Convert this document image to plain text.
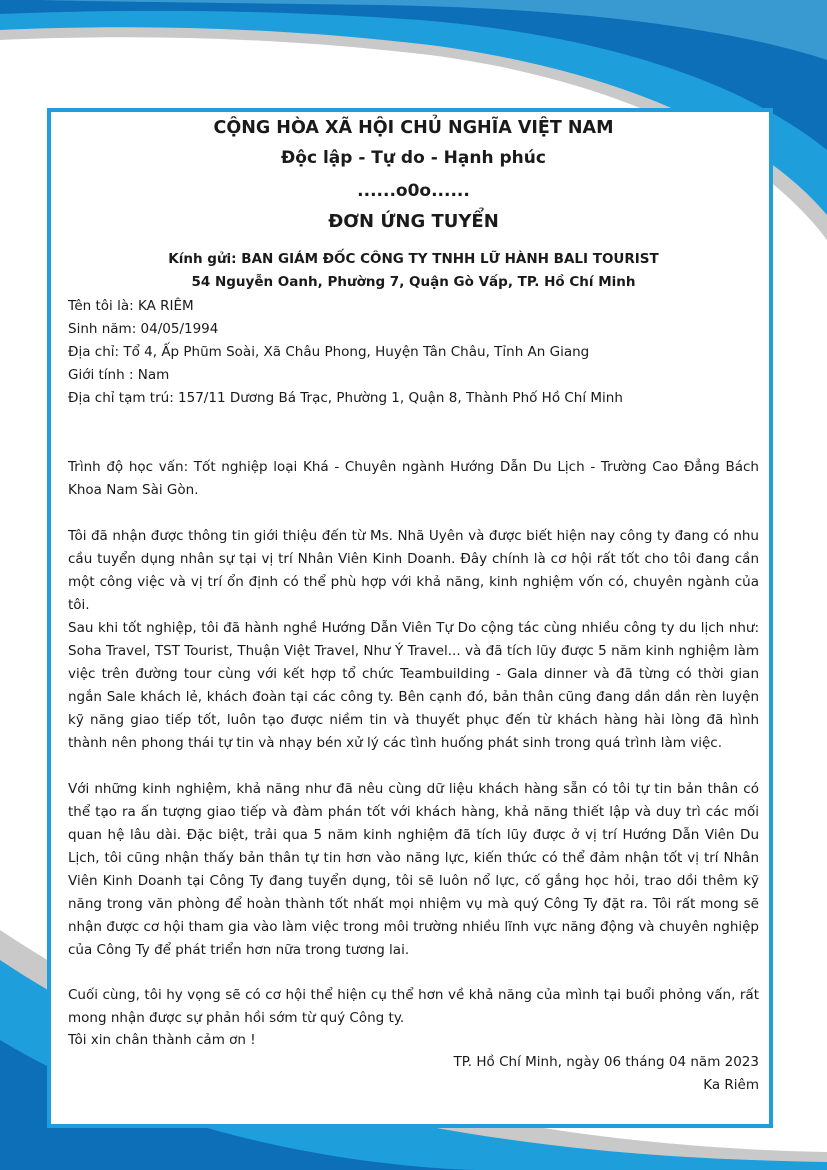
CỘNG HÒA XÃ HỘI CHỦ NGHĨA VIỆT NAM
Độc lập - Tự do - Hạnh phúc
......o0o......
ĐƠN ỨNG TUYỂN
Kính gửi: BAN GIÁM ĐỐC CÔNG TY TNHH LỮ HÀNH BALI TOURIST
54 Nguyễn Oanh, Phường 7, Quận Gò Vấp, TP. Hồ Chí Minh
Tên tôi là: KA RIÊM
Sinh năm: 04/05/1994
Địa chỉ: Tổ 4, Ấp Phũm Soài, Xã Châu Phong, Huyện Tân Châu, Tỉnh An Giang
Giới tính : Nam
Địa chỉ tạm trú: 157/11 Dương Bá Trạc, Phường 1, Quận 8, Thành Phố Hồ Chí Minh
Trình độ học vấn: Tốt nghiệp loại Khá - Chuyên ngành Hướng Dẫn Du Lịch - Trường Cao Đẳng Bách Khoa Nam Sài Gòn.
Tôi đã nhận được thông tin giới thiệu đến từ Ms. Nhã Uyên và được biết hiện nay công ty đang có nhu cầu tuyển dụng nhân sự tại vị trí Nhân Viên Kinh Doanh. Đây chính là cơ hội rất tốt cho tôi đang cần một công việc và vị trí ổn định có thể phù hợp với khả năng, kinh nghiệm vốn có, chuyên ngành của tôi.
Sau khi tốt nghiệp, tôi đã hành nghề Hướng Dẫn Viên Tự Do cộng tác cùng nhiều công ty du lịch như: Soha Travel, TST Tourist, Thuận Việt Travel, Như Ý Travel... và đã tích lũy được 5 năm kinh nghiệm làm việc trên đường tour cùng với kết hợp tổ chức Teambuilding - Gala dinner và đã từng có thời gian ngắn Sale khách lẻ, khách đoàn tại các công ty. Bên cạnh đó, bản thân cũng đang dần dần rèn luyện kỹ năng giao tiếp tốt, luôn tạo được niềm tin và thuyết phục đến từ khách hàng hài lòng đã hình thành nên phong thái tự tin và nhạy bén xử lý các tình huống phát sinh trong quá trình làm việc.
Với những kinh nghiệm, khả năng như đã nêu cùng dữ liệu khách hàng sẵn có tôi tự tin bản thân có thể tạo ra ấn tượng giao tiếp và đàm phán tốt với khách hàng, khả năng thiết lập và duy trì các mối quan hệ lâu dài. Đặc biệt, trải qua 5 năm kinh nghiệm đã tích lũy được ở vị trí Hướng Dẫn Viên Du Lịch, tôi cũng nhận thấy bản thân tự tin hơn vào năng lực, kiến thức có thể đảm nhận tốt vị trí Nhân Viên Kinh Doanh tại Công Ty đang tuyển dụng, tôi sẽ luôn nổ lực, cố gắng học hỏi, trao dồi thêm kỹ năng trong văn phòng để hoàn thành tốt nhất mọi nhiệm vụ mà quý Công Ty đặt ra. Tôi rất mong sẽ nhận được cơ hội tham gia vào làm việc trong môi trường nhiều lĩnh vực năng động và chuyên nghiệp của Công Ty để phát triển hơn nữa trong tương lai.
Cuối cùng, tôi hy vọng sẽ có cơ hội thể hiện cụ thể hơn về khả năng của mình tại buổi phỏng vấn, rất mong nhận được sự phản hồi sớm từ quý Công ty.
Tôi xin chân thành cảm ơn !
TP. Hồ Chí Minh, ngày 06 tháng 04 năm 2023
Ka Riêm
